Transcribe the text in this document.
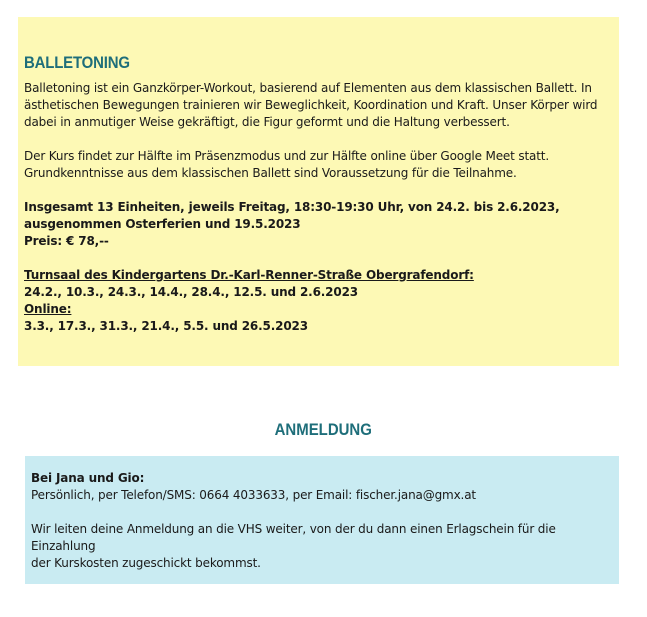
BALLETONING

Balletoning ist ein Ganzkörper-Workout, basierend auf Elementen aus dem klassischen Ballett. In

ästhetischen Bewegungen trainieren wir Beweglichkeit, Koordination und Kraft. Unser Körper wird

dabei in anmutiger Weise gekräftigt, die Figur geformt und die Haltung verbessert.

Der Kurs findet zur Hälfte im Präsenzmodus und zur Hälfte online über Google Meet statt.

Grundkenntnisse aus dem klassischen Ballett sind Voraussetzung für die Teilnahme.

Insgesamt 13 Einheiten, jeweils Freitag, 18:30-19:30 Uhr, von 24.2. bis 2.6.2023,

ausgenommen Osterferien und 19.5.2023

Preis: € 78,--

Turnsaal des Kindergartens Dr.-Karl-Renner-Straße Obergrafendorf:

24.2., 10.3., 24.3., 14.4., 28.4., 12.5. und 2.6.2023

Online:

3.3., 17.3., 31.3., 21.4., 5.5. und 26.5.2023

ANMELDUNG

Bei Jana und Gio:

Persönlich, per Telefon/SMS: 0664 4033633, per Email: fischer.jana@gmx.at

Wir leiten deine Anmeldung an die VHS weiter, von der du dann einen Erlagschein für die Einzahlung

der Kurskosten zugeschickt bekommst.
